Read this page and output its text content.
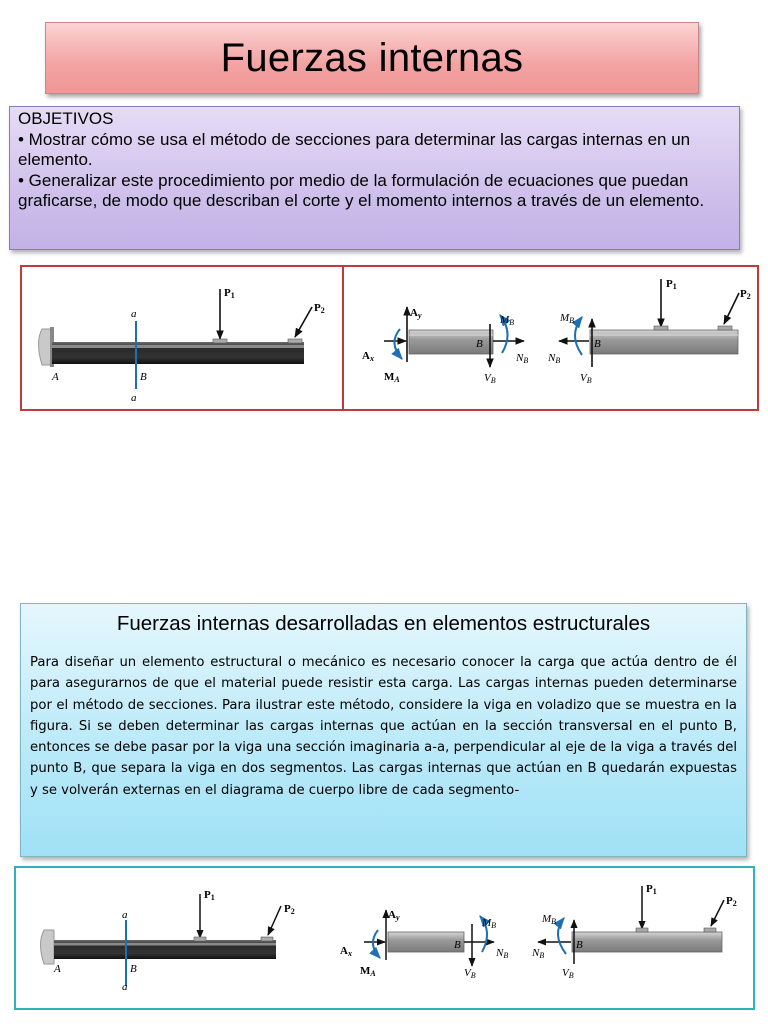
Fuerzas internas

OBJETIVOS

• Mostrar cómo se usa el método de secciones para determinar las cargas internas en un elemento.

• Generalizar este procedimiento por medio de la formulación de ecuaciones que puedan graficarse, de modo que describan el corte y el momento internos a través de un elemento.

a
a
A	B
P1
P2	Ay
Ax
MA
NB
VB
MB
B
NB
VB
MB
B
P1
P2
Fuerzas internas desarrolladas en elementos estructurales
Para diseñar un elemento estructural o mecánico es necesario conocer la carga que actúa dentro de él para asegurarnos de que el material puede resistir esta carga. Las cargas internas pueden determinarse por el método de secciones. Para ilustrar este método, considere la viga en voladizo que se muestra en la figura. Si se deben determinar las cargas internas que actúan en la sección transversal en el punto B, entonces se debe pasar por la viga una sección imaginaria a-a, perpendicular al eje de la viga a través del punto B, que separa la viga en dos segmentos. Las cargas internas que actúan en B quedarán expuestas y se volverán externas en el diagrama de cuerpo libre de cada segmento-
a
a
A	B
P1
P2	Ay
Ax
MA
NB
VB
MB
B
NB
VB
MB
B
P1
P2
